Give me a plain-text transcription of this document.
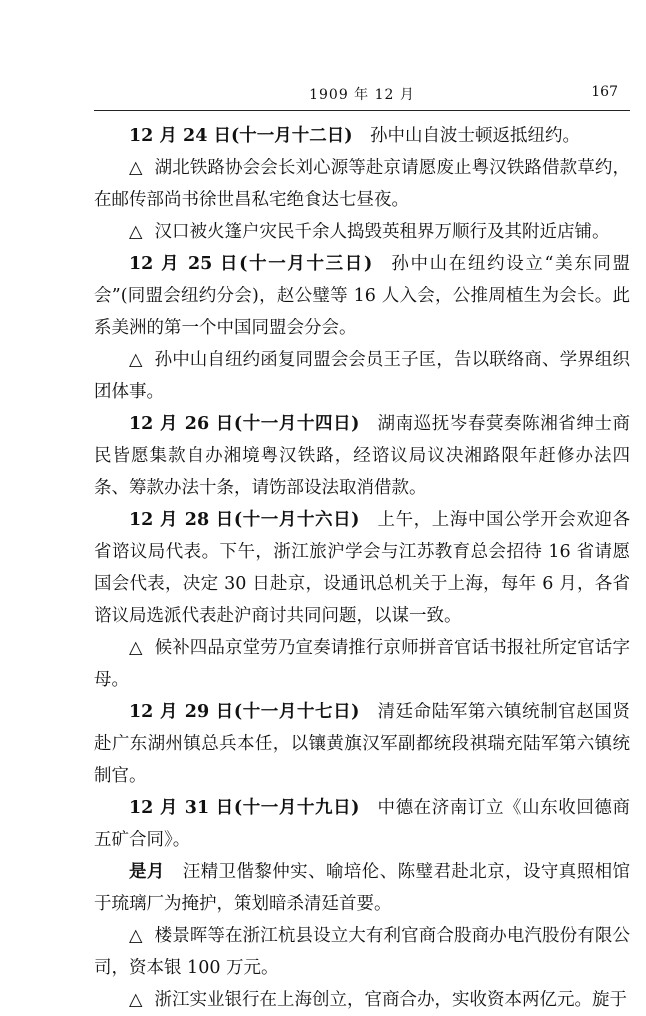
1909 年 12 月	167

12 月 24 日(十一月十二日)  孙中山自波士顿返抵纽约。

△ 湖北铁路协会会长刘心源等赴京请愿废止粤汉铁路借款草约，在邮传部尚书徐世昌私宅绝食达七昼夜。

△ 汉口被火篷户灾民千余人捣毁英租界万顺行及其附近店铺。

12 月 25 日(十一月十三日)  孙中山在纽约设立“美东同盟会”(同盟会纽约分会)，赵公璧等 16 人入会，公推周植生为会长。此系美洲的第一个中国同盟会分会。

△ 孙中山自纽约函复同盟会会员王子匡，告以联络商、学界组织团体事。

12 月 26 日(十一月十四日)  湖南巡抚岑春蓂奏陈湘省绅士商民皆愿集款自办湘境粤汉铁路，经谘议局议决湘路限年赶修办法四条、筹款办法十条，请饬部设法取消借款。

12 月 28 日(十一月十六日)  上午，上海中国公学开会欢迎各省谘议局代表。下午，浙江旅沪学会与江苏教育总会招待 16 省请愿国会代表，决定 30 日赴京，设通讯总机关于上海，每年 6 月，各省谘议局选派代表赴沪商讨共同问题，以谋一致。

△ 候补四品京堂劳乃宣奏请推行京师拼音官话书报社所定官话字母。

12 月 29 日(十一月十七日)  清廷命陆军第六镇统制官赵国贤赴广东湖州镇总兵本任，以镶黄旗汉军副都统段祺瑞充陆军第六镇统制官。

12 月 31 日(十一月十九日)  中德在济南订立《山东收回德商五矿合同》。

是月  汪精卫偕黎仲实、喻培伦、陈璧君赴北京，设守真照相馆于琉璃厂为掩护，策划暗杀清廷首要。

△ 楼景晖等在浙江杭县设立大有利官商合股商办电汽股份有限公司，资本银 100 万元。

△ 浙江实业银行在上海创立，官商合办，实收资本两亿元。旋于
